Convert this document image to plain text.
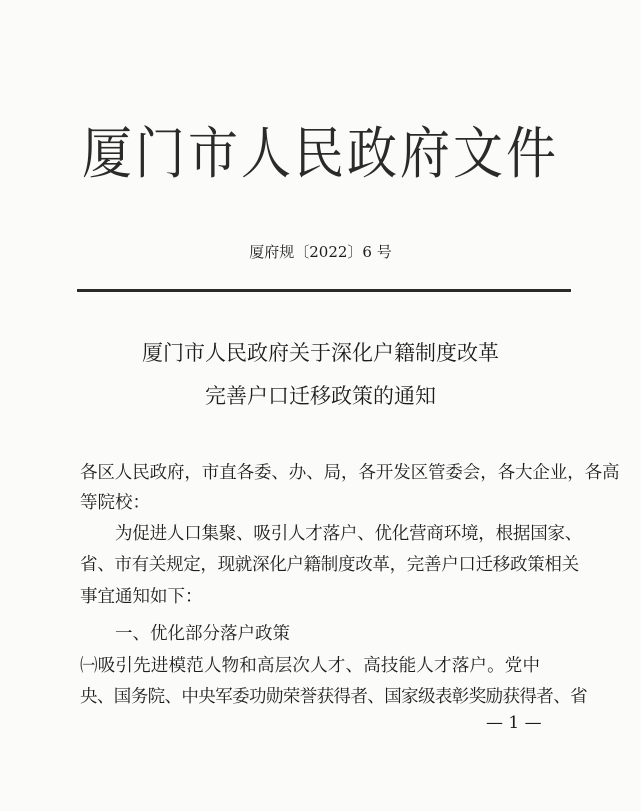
厦门市人民政府文件
厦府规〔2022〕6 号
厦门市人民政府关于深化户籍制度改革
完善户口迁移政策的通知
各区人民政府，市直各委、办、局，各开发区管委会，各大企业，各高
等院校：
为促进人口集聚、吸引人才落户、优化营商环境，根据国家、
省、市有关规定，现就深化户籍制度改革，完善户口迁移政策相关
事宜通知如下：
一、优化部分落户政策
㈠吸引先进模范人物和高层次人才、高技能人才落户。党中
央、国务院、中央军委功勋荣誉获得者、国家级表彰奖励获得者、省
— 1 —
